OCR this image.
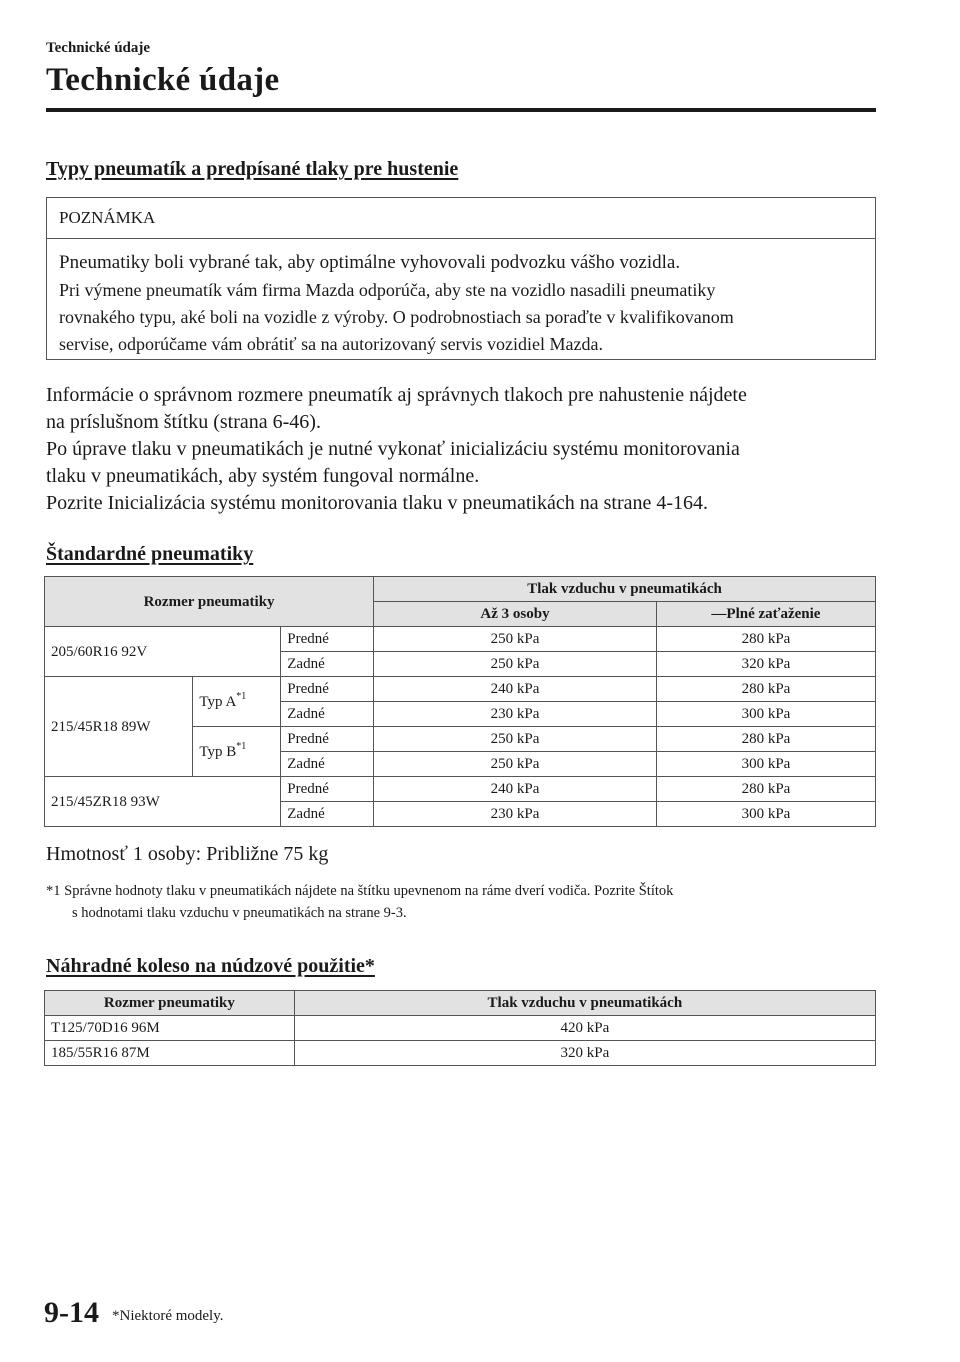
Technické údaje
Technické údaje
Typy pneumatík a predpísané tlaky pre hustenie
POZNÁMKA
Pneumatiky boli vybrané tak, aby optimálne vyhovovali podvozku vášho vozidla.
Pri výmene pneumatík vám firma Mazda odporúča, aby ste na vozidlo nasadili pneumatiky
rovnakého typu, aké boli na vozidle z výroby. O podrobnostiach sa poraďte v kvalifikovanom
servise, odporúčame vám obrátiť sa na autorizovaný servis vozidiel Mazda.
Informácie o správnom rozmere pneumatík aj správnych tlakoch pre nahustenie nájdete
na príslušnom štítku (strana 6-46).
Po úprave tlaku v pneumatikách je nutné vykonať inicializáciu systému monitorovania
tlaku v pneumatikách, aby systém fungoval normálne.
Pozrite Inicializácia systému monitorovania tlaku v pneumatikách na strane 4-164.
Štandardné pneumatiky
Rozmer pneumatiky			Tlak vzduchu v pneumatikách	
			Až 3 osoby	—Plné zaťaženie
205/60R16 92V		Predné	250 kPa	280 kPa
		Zadné	250 kPa	320 kPa
215/45R18 89W	Typ $A^{*1}$	Predné	240 kPa	280 kPa
		Zadné	230 kPa	300 kPa
	Typ $B^{*1}$	Predné	250 kPa	280 kPa
		Zadné	250 kPa	300 kPa
215/45ZR18 93W		Predné	240 kPa	280 kPa
		Zadné	230 kPa	300 kPa
Hmotnosť 1 osoby: Približne 75 kg
*1 Správne hodnoty tlaku v pneumatikách nájdete na štítku upevnenom na ráme dverí vodiča. Pozrite Štítok
s hodnotami tlaku vzduchu v pneumatikách na strane 9-3.
Náhradné koleso na núdzové použitie*
Rozmer pneumatiky	Tlak vzduchu v pneumatikách
T125/70D16 96M	420 kPa
185/55R16 87M	320 kPa
9-14 *Niektoré modely.
